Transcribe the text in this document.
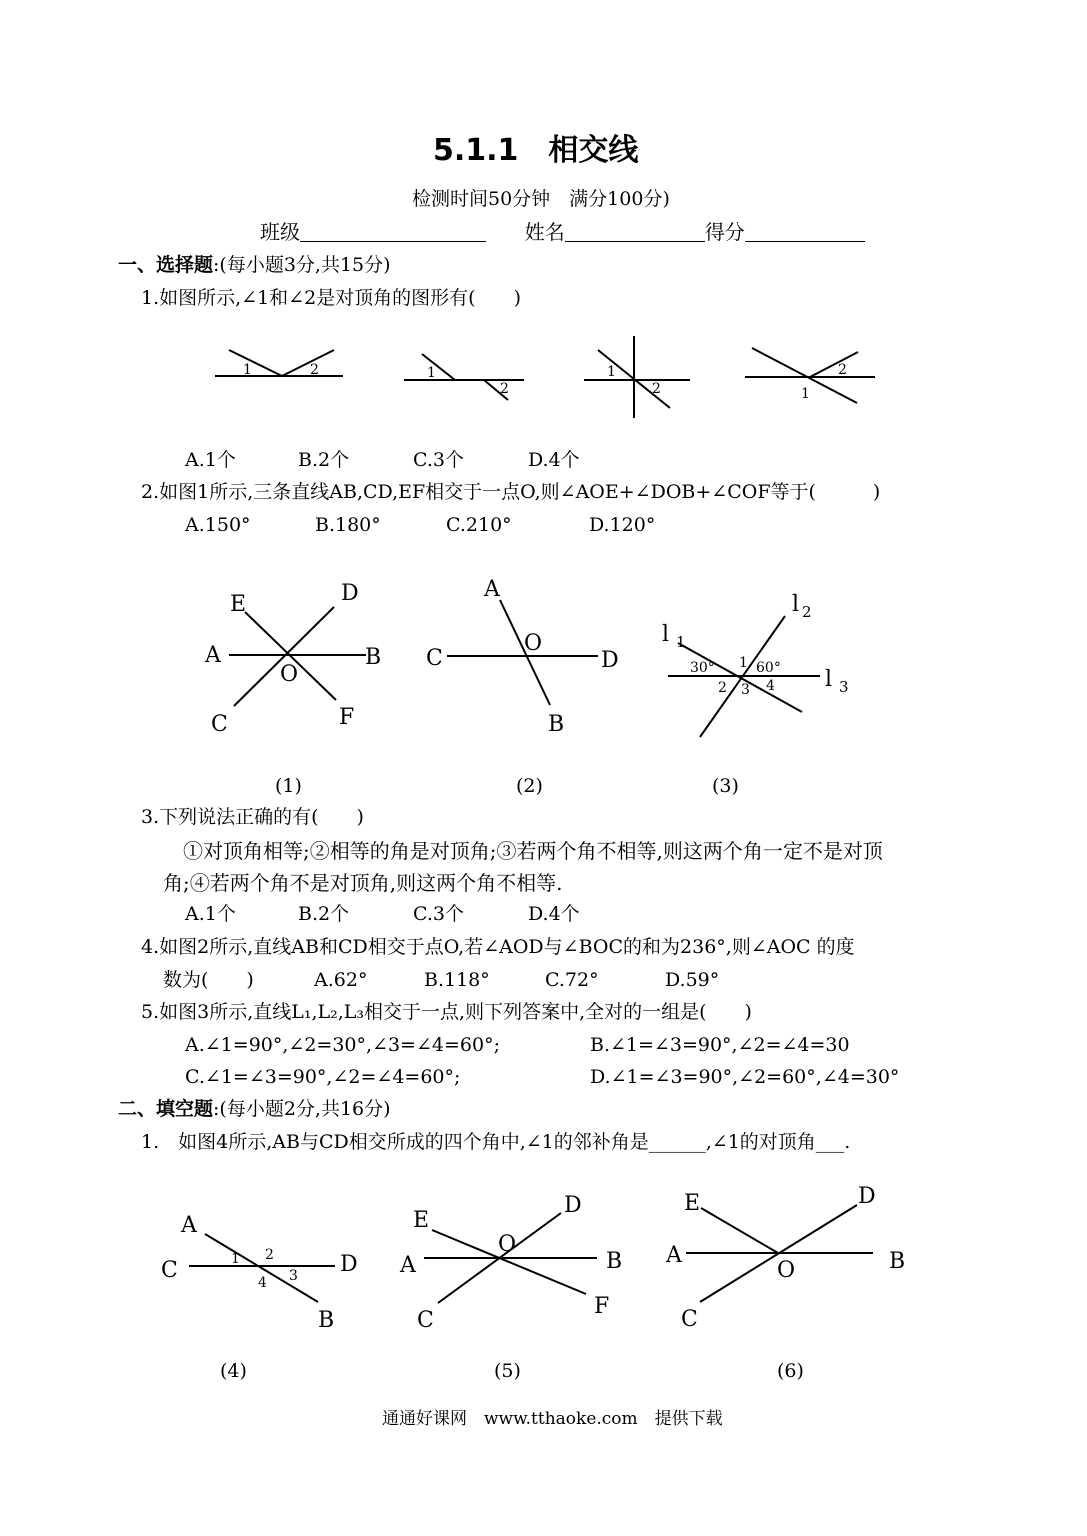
5.1.1　相交线
检测时间50分钟　满分100分)
班级	姓名	得分
一、选择题:(每小题3分,共15分)
1.如图所示,∠1和∠2是对顶角的图形有(　　)
1	2	1
2
1
2	1
2
A.1个	B.2个	C.3个	D.4个
2.如图1所示,三条直线AB,CD,EF相交于一点O,则∠AOE+∠DOB+∠COF等于(　　　)
A.150°	B.180°	C.210°	D.120°
E	D
A	B
O
C	F
A
C
O
D
B
l
l
l
1
2
3
30°	60°
1
2 3 4
(1)	(2)	(3)
3.下列说法正确的有(　　)
①对顶角相等;②相等的角是对顶角;③若两个角不相等,则这两个角一定不是对顶
角;④若两个角不是对顶角,则这两个角不相等.
A.1个	B.2个	C.3个	D.4个
4.如图2所示,直线AB和CD相交于点O,若∠AOD与∠BOC的和为236°,则∠AOC 的度
数为(　　)	A.62°	B.118°	C.72°	D.59°
5.如图3所示,直线L₁,L₂,L₃相交于一点,则下列答案中,全对的一组是(　　)
A.∠1=90°,∠2=30°,∠3=∠4=60°;	B.∠1=∠3=90°,∠2=∠4=30
C.∠1=∠3=90°,∠2=∠4=60°;	D.∠1=∠3=90°,∠2=60°,∠4=30°
二、填空题:(每小题2分,共16分)
1.　如图4所示,AB与CD相交所成的四个角中,∠1的邻补角是______,∠1的对顶角___.
A
C	D
B
E
D
O
A	B
F
C
E	D
A
O	B
C
1 2
3
4
(4)	(5)	(6)
通通好课网　www.tthaoke.com　提供下载
